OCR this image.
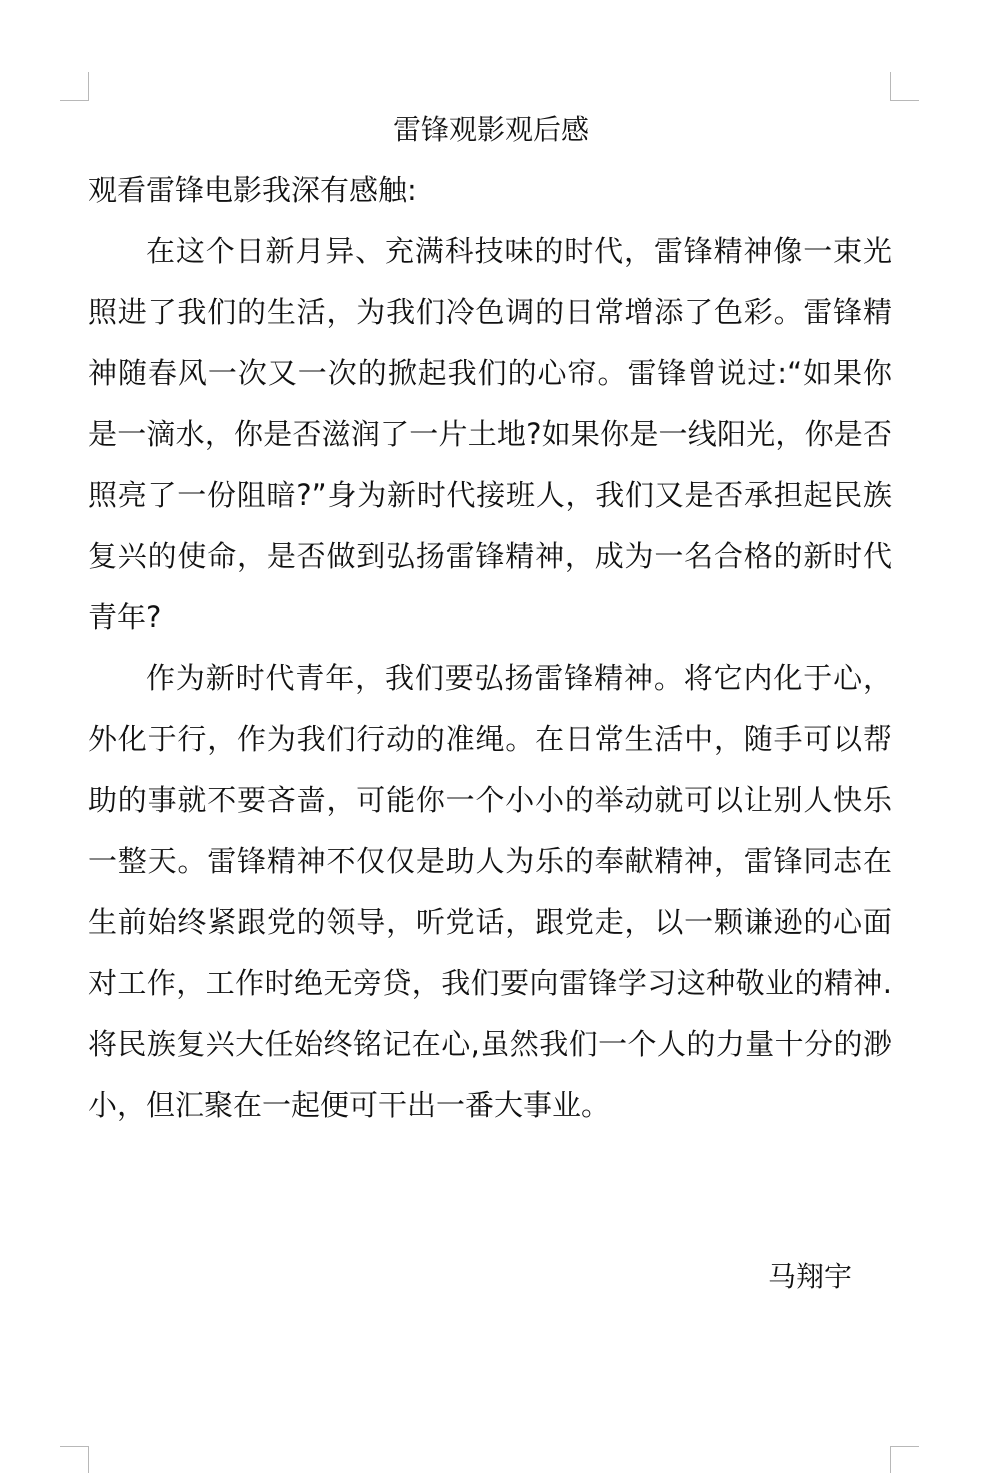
雷锋观影观后感

观看雷锋电影我深有感触:

在这个日新月异、充满科技味的时代，雷锋精神像一束光照进了我们的生活，为我们冷色调的日常增添了色彩。雷锋精神随春风一次又一次的掀起我们的心帘。雷锋曾说过:“如果你是一滴水，你是否滋润了一片土地?如果你是一线阳光，你是否照亮了一份阻暗?”身为新时代接班人，我们又是否承担起民族复兴的使命，是否做到弘扬雷锋精神，成为一名合格的新时代青年?

作为新时代青年，我们要弘扬雷锋精神。将它内化于心，外化于行，作为我们行动的准绳。在日常生活中，随手可以帮助的事就不要吝啬，可能你一个小小的举动就可以让别人快乐一整天。雷锋精神不仅仅是助人为乐的奉献精神，雷锋同志在生前始终紧跟党的领导，听党话，跟党走，以一颗谦逊的心面对工作，工作时绝无旁贷，我们要向雷锋学习这种敬业的精神.将民族复兴大任始终铭记在心,虽然我们一个人的力量十分的渺小，但汇聚在一起便可干出一番大事业。

马翔宇
